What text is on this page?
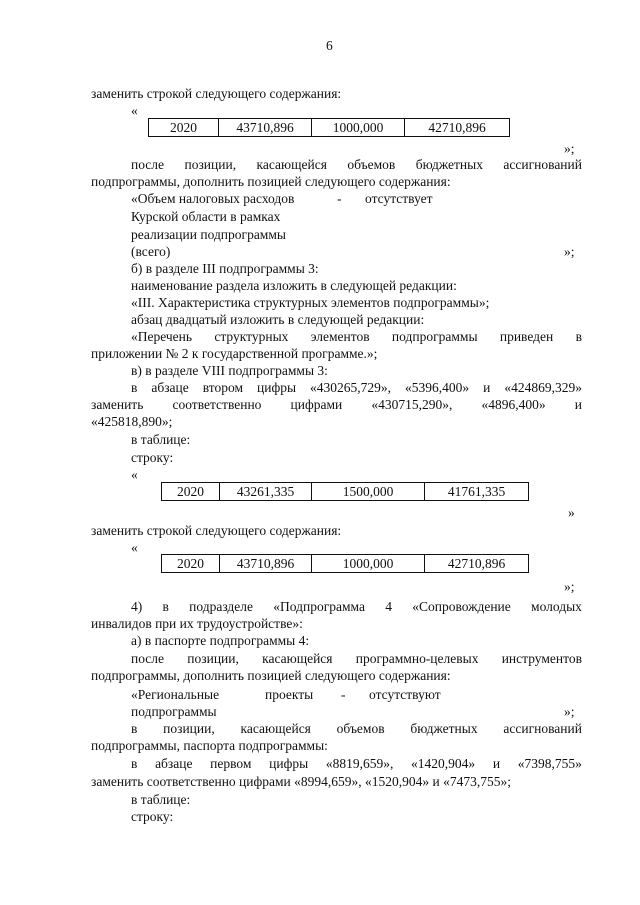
6
заменить строкой следующего содержания:
«
2020	43710,896	1000,000	42710,896
»;
после позиции, касающейся объемов бюджетных ассигнований
подпрограммы, дополнить позицией следующего содержания:
«Объем налоговых расходов	- отсутствует
Курской области в рамках
реализации подпрограммы
(всего)	»;
б) в разделе III подпрограммы 3:
наименование раздела изложить в следующей редакции:
«III. Характеристика структурных элементов подпрограммы»;
абзац двадцатый изложить в следующей редакции:
«Перечень структурных элементов подпрограммы приведен в
приложении № 2 к государственной программе.»;
в) в разделе VIII подпрограммы 3:
в абзаце втором цифры «430265,729», «5396,400» и «424869,329»
заменить соответственно цифрами «430715,290», «4896,400» и
«425818,890»;
в таблице:
строку:
«
2020	43261,335	1500,000	41761,335
»
заменить строкой следующего содержания:
«
2020	43710,896	1000,000	42710,896
»;
4) в подразделе «Подпрограмма 4 «Сопровождение молодых
инвалидов при их трудоустройстве»:
а) в паспорте подпрограммы 4:
после позиции, касающейся программно-целевых инструментов
подпрограммы, дополнить позицией следующего содержания:
«Региональные	проекты - отсутствуют
подпрограммы	»;
в позиции, касающейся объемов бюджетных ассигнований
подпрограммы, паспорта подпрограммы:
в абзаце первом цифры «8819,659», «1420,904» и «7398,755»
заменить соответственно цифрами «8994,659», «1520,904» и «7473,755»;
в таблице:
строку:
